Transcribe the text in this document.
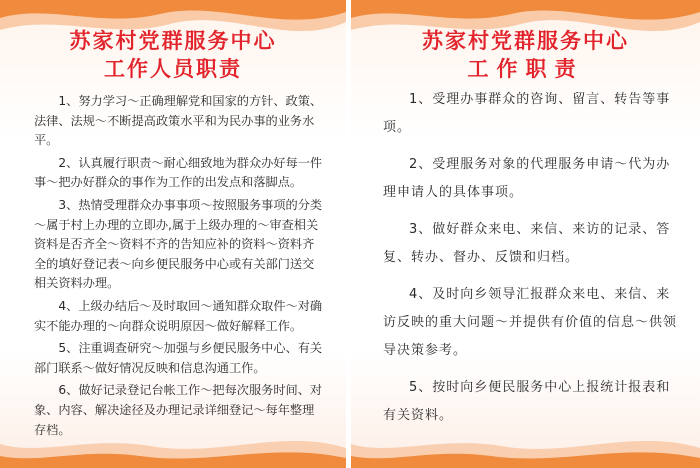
苏家村党群服务中心
工作人员职责

1、努力学习～正确理解党和国家的方针、政策、法律、法规～不断提高政策水平和为民办事的业务水平。

2、认真履行职责～耐心细致地为群众办好每一件事～把办好群众的事作为工作的出发点和落脚点。

3、热情受理群众办事事项～按照服务事项的分类～属于村上办理的立即办,属于上级办理的～审查相关资料是否齐全～资料不齐的告知应补的资料～资料齐全的填好登记表～向乡便民服务中心或有关部门送交相关资料办理。

4、上级办结后～及时取回～通知群众取件～对确实不能办理的～向群众说明原因～做好解释工作。

5、注重调查研究～加强与乡便民服务中心、有关部门联系～做好情况反映和信息沟通工作。

6、做好记录登记台帐工作～把每次服务时间、对象、内容、解决途径及办理记录详细登记～每年整理存档。

苏家村党群服务中心
工作职责

1、受理办事群众的咨询、留言、转告等事项。

2、受理服务对象的代理服务申请～代为办理申请人的具体事项。

3、做好群众来电、来信、来访的记录、答复、转办、督办、反馈和归档。

4、及时向乡领导汇报群众来电、来信、来访反映的重大问题～并提供有价值的信息～供领导决策参考。

5、按时向乡便民服务中心上报统计报表和有关资料。
